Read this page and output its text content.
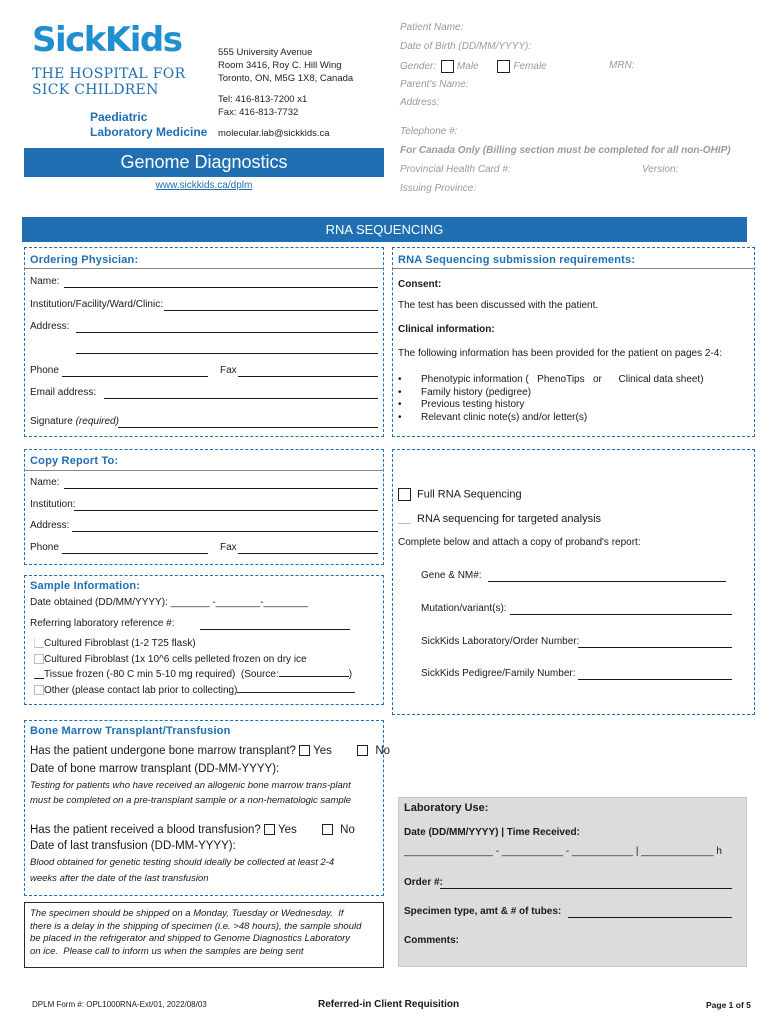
SickKids
THE HOSPITAL FOR
SICK CHILDREN
Paediatric
Laboratory Medicine
555 University Avenue
Room 3416, Roy C. Hill Wing
Toronto, ON, M5G 1X8, Canada
Tel: 416-813-7200 x1
Fax: 416-813-7732
molecular.lab@sickkids.ca
Genome Diagnostics
www.sickkids.ca/dplm
Patient Name:
Date of Birth (DD/MM/YYYY):
Gender: Male	Female	MRN:
Parent's Name:
Address:
Telephone #:
For Canada Only (Billing section must be completed for all non-OHIP)
Provincial Health Card #:	Version:
Issuing Province:
RNA SEQUENCING
Ordering Physician:
Name:
Institution/Facility/Ward/Clinic:
Address:
Phone	Fax
Email address:
Signature (required)
RNA Sequencing submission requirements:
Consent:
The test has been discussed with the patient.
Clinical information:
The following information has been provided for the patient on pages 2-4:
• Phenotypic information (   PhenoTips   or      Clinical data sheet)
• Family history (pedigree)
• Previous testing history
• Relevant clinic note(s) and/or letter(s)
Copy Report To:
Name:
Institution:
Address:
Phone	Fax
Full RNA Sequencing
RNA sequencing for targeted analysis
Complete below and attach a copy of proband's report:
Gene & NM#:
Mutation/variant(s):
SickKids Laboratory/Order Number:
SickKids Pedigree/Family Number:
Sample Information:
Date obtained (DD/MM/YYYY): _______ -________-________
Referring laboratory reference #:
Cultured Fibroblast (1-2 T25 flask)
Cultured Fibroblast (1x 10^6 cells pelleted frozen on dry ice
Tissue frozen (-80 C min 5-10 mg required)  (Source:	)
Other (please contact lab prior to collecting)
Bone Marrow Transplant/Transfusion
Has the patient undergone bone marrow transplant? Yes	No
Date of bone marrow transplant (DD-MM-YYYY):
Testing for patients who have received an allogenic bone marrow trans-plant
must be completed on a pre-transplant sample or a non-hematologic sample
Has the patient received a blood transfusion? Yes	No
Date of last transfusion (DD-MM-YYYY):
Blood obtained for genetic testing should ideally be collected at least 2-4
weeks after the date of the last transfusion
The specimen should be shipped on a Monday, Tuesday or Wednesday.  If
there is a delay in the shipping of specimen (i.e. >48 hours), the sample should
be placed in the refrigerator and shipped to Genome Diagnostics Laboratory
on ice.  Please call to inform us when the samples are being sent
Laboratory Use:
Date (DD/MM/YYYY) | Time Received:
________________ - ___________ - ___________ | _____________ h
Order #:
Specimen type, amt & # of tubes:
Comments:
DPLM Form #: OPL1000RNA-Ext/01, 2022/08/03	Referred-in Client Requisition	Page 1 of 5
